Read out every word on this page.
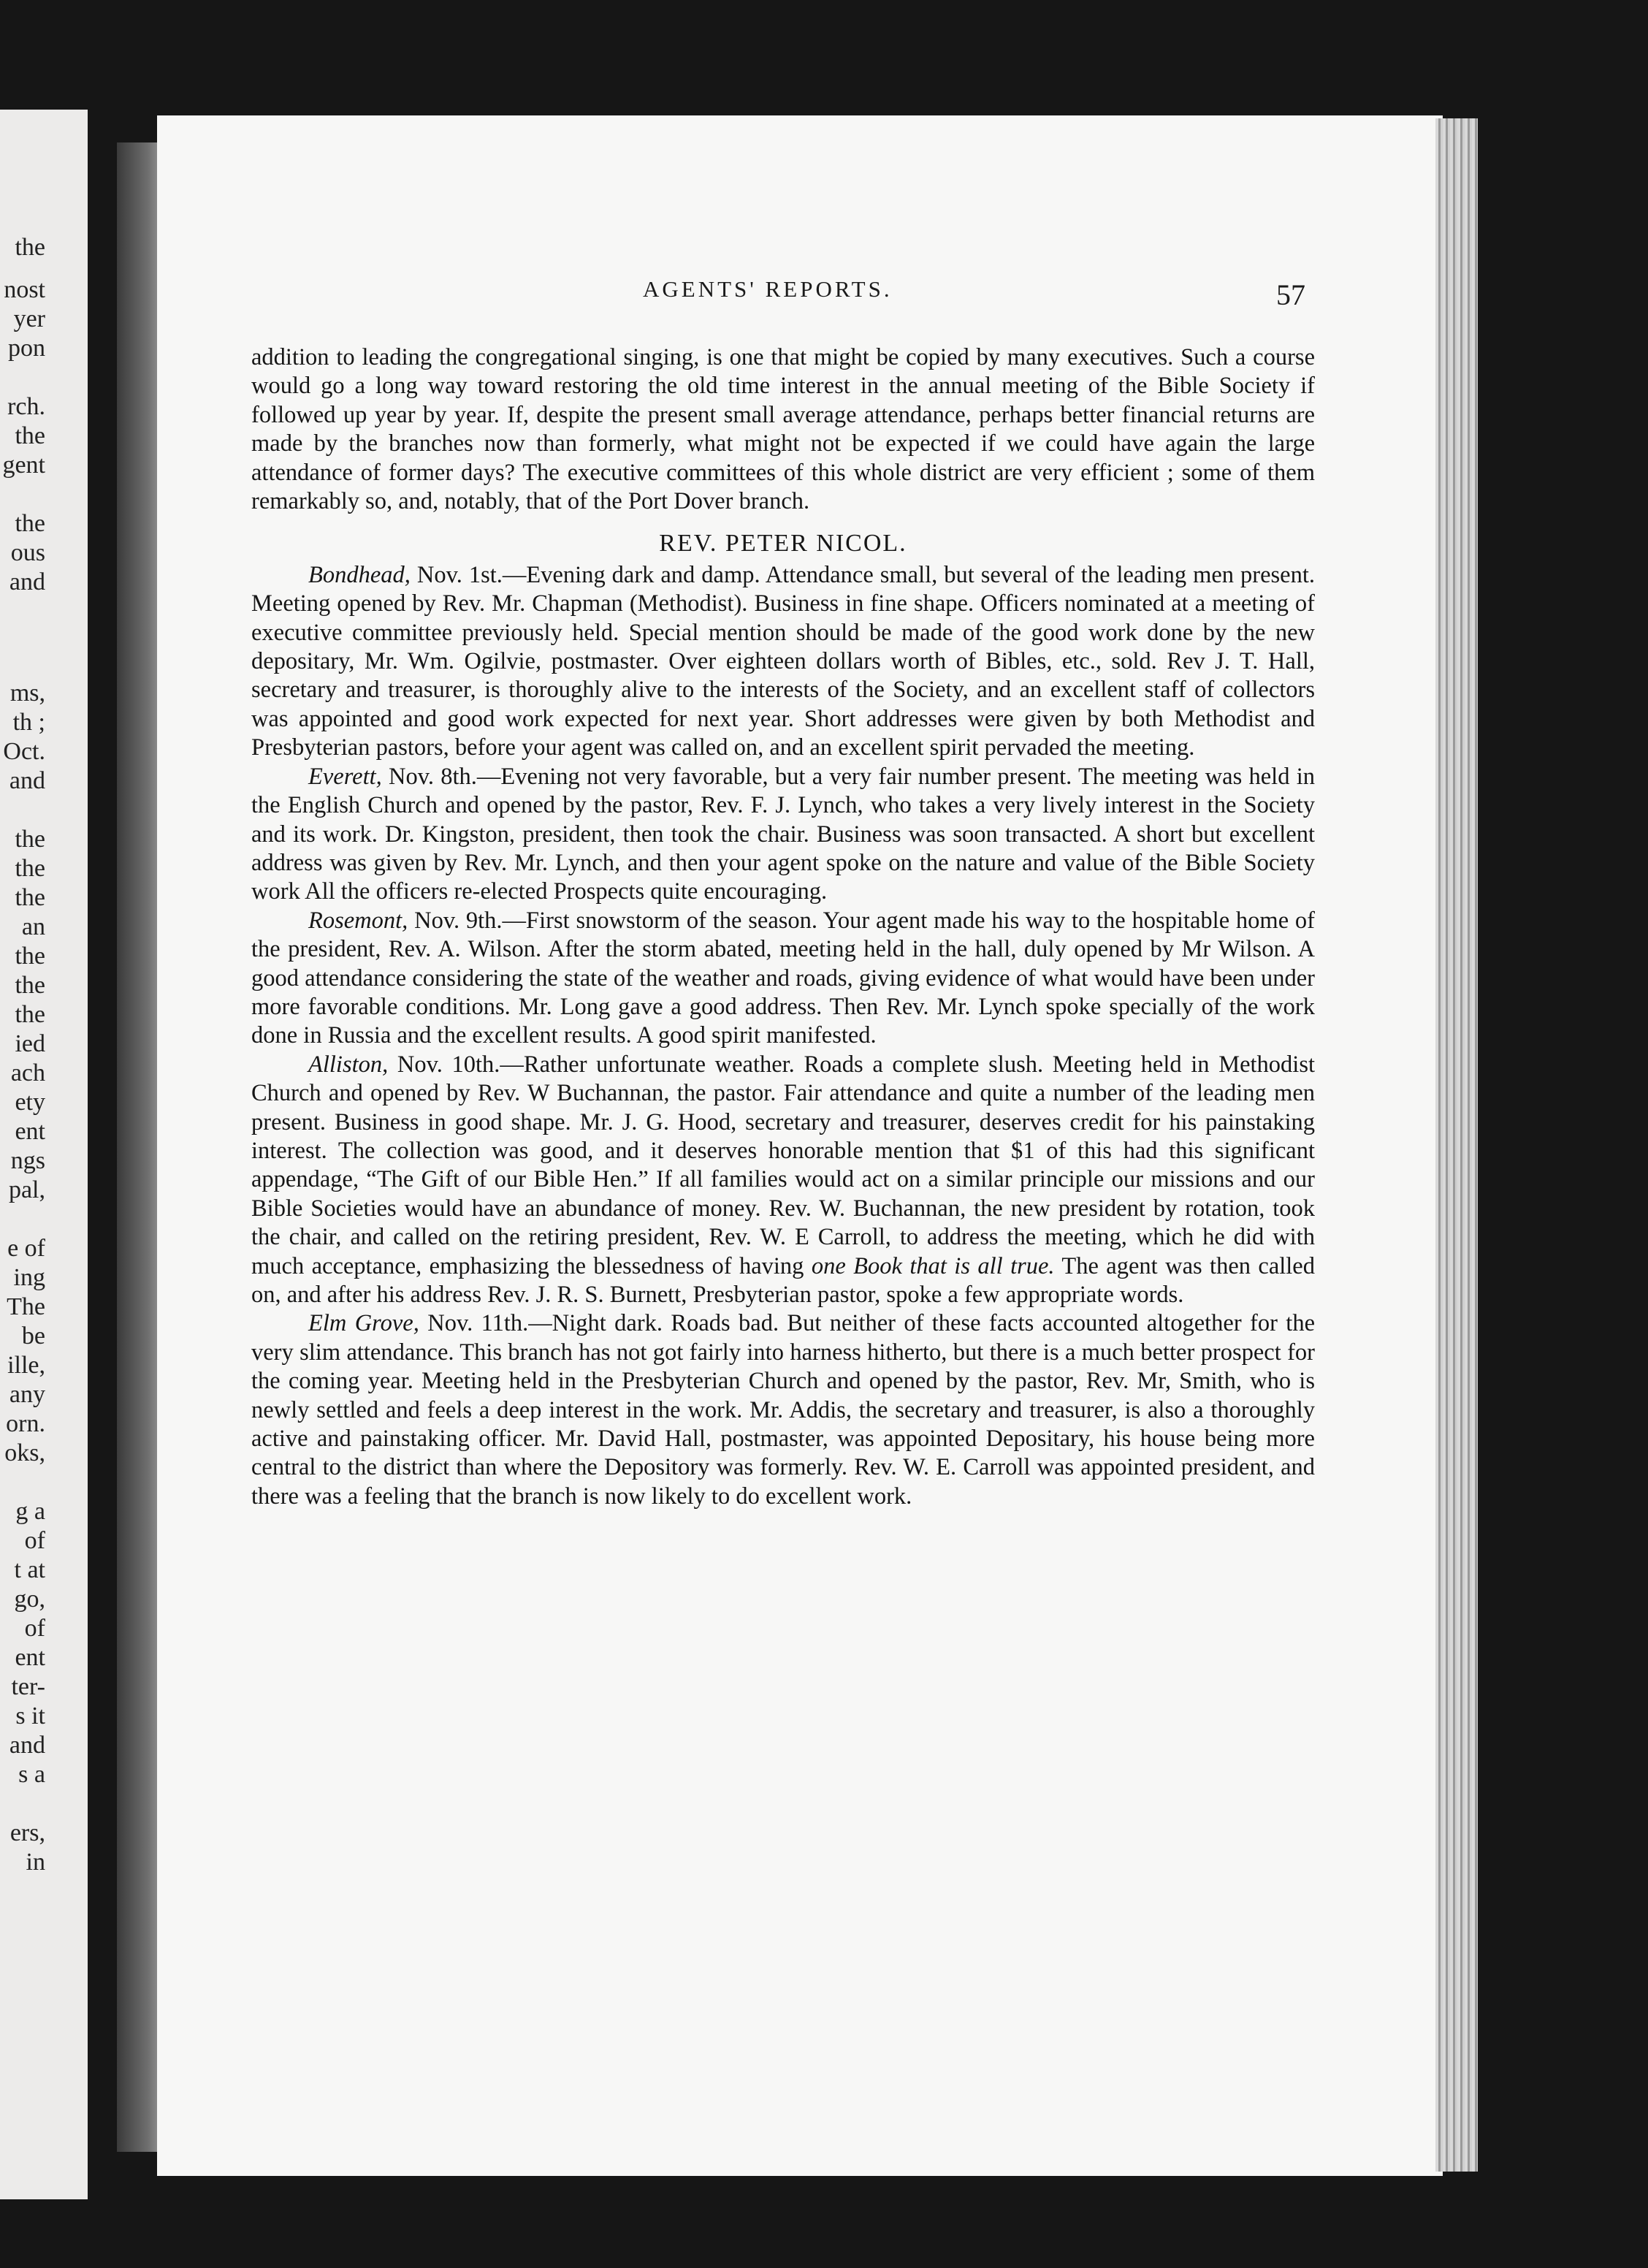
the
nost
yer
pon
rch.
the
gent
the
ous
and
ms,
th ;
Oct.
and
the
the
the
an
the
the
the
ied
ach
ety
ent
ngs
pal,
e of
ing
The
be
ille,
any
orn.
oks,
g a
of
t at
go,
of
ent
ter-
s it
and
s a
ers,
in
AGENTS' REPORTS.	57

addition to leading the congregational singing, is one that might be copied by many executives. Such a course would go a long way toward restoring the old time interest in the annual meeting of the Bible Society if followed up year by year. If, despite the present small average attendance, perhaps better financial returns are made by the branches now than formerly, what might not be expected if we could have again the large attendance of former days? The executive committees of this whole district are very efficient ; some of them remarkably so, and, notably, that of the Port Dover branch.

REV. PETER NICOL.

Bondhead, Nov. 1st.—Evening dark and damp. Attendance small, but several of the leading men present. Meeting opened by Rev. Mr. Chapman (Methodist). Business in fine shape. Officers nominated at a meeting of executive committee previously held. Special mention should be made of the good work done by the new depositary, Mr. Wm. Ogilvie, postmaster. Over eighteen dollars worth of Bibles, etc., sold. Rev J. T. Hall, secretary and treasurer, is thoroughly alive to the interests of the Society, and an excellent staff of collectors was appointed and good work expected for next year. Short addresses were given by both Methodist and Presbyterian pastors, before your agent was called on, and an excellent spirit pervaded the meeting.

Everett, Nov. 8th.—Evening not very favorable, but a very fair number present. The meeting was held in the English Church and opened by the pastor, Rev. F. J. Lynch, who takes a very lively interest in the Society and its work. Dr. Kingston, president, then took the chair. Business was soon transacted. A short but excellent address was given by Rev. Mr. Lynch, and then your agent spoke on the nature and value of the Bible Society work All the officers re-elected Prospects quite encouraging.

Rosemont, Nov. 9th.—First snowstorm of the season. Your agent made his way to the hospitable home of the president, Rev. A. Wilson. After the storm abated, meeting held in the hall, duly opened by Mr Wilson. A good attendance considering the state of the weather and roads, giving evidence of what would have been under more favorable conditions. Mr. Long gave a good address. Then Rev. Mr. Lynch spoke specially of the work done in Russia and the excellent results. A good spirit manifested.

Alliston, Nov. 10th.—Rather unfortunate weather. Roads a complete slush. Meeting held in Methodist Church and opened by Rev. W Buchannan, the pastor. Fair attendance and quite a number of the leading men present. Business in good shape. Mr. J. G. Hood, secretary and treasurer, deserves credit for his painstaking interest. The collection was good, and it deserves honorable mention that $1 of this had this significant appendage, “The Gift of our Bible Hen.” If all families would act on a similar principle our missions and our Bible Societies would have an abundance of money. Rev. W. Buchannan, the new president by rotation, took the chair, and called on the retiring president, Rev. W. E Carroll, to address the meeting, which he did with much acceptance, emphasizing the blessedness of having one Book that is all true. The agent was then called on, and after his address Rev. J. R. S. Burnett, Presbyterian pastor, spoke a few appropriate words.

Elm Grove, Nov. 11th.—Night dark. Roads bad. But neither of these facts accounted altogether for the very slim attendance. This branch has not got fairly into harness hitherto, but there is a much better prospect for the coming year. Meeting held in the Presbyterian Church and opened by the pastor, Rev. Mr, Smith, who is newly settled and feels a deep interest in the work. Mr. Addis, the secretary and treasurer, is also a thoroughly active and painstaking officer. Mr. David Hall, postmaster, was appointed Depositary, his house being more central to the district than where the Depository was formerly. Rev. W. E. Carroll was appointed president, and there was a feeling that the branch is now likely to do excellent work.
